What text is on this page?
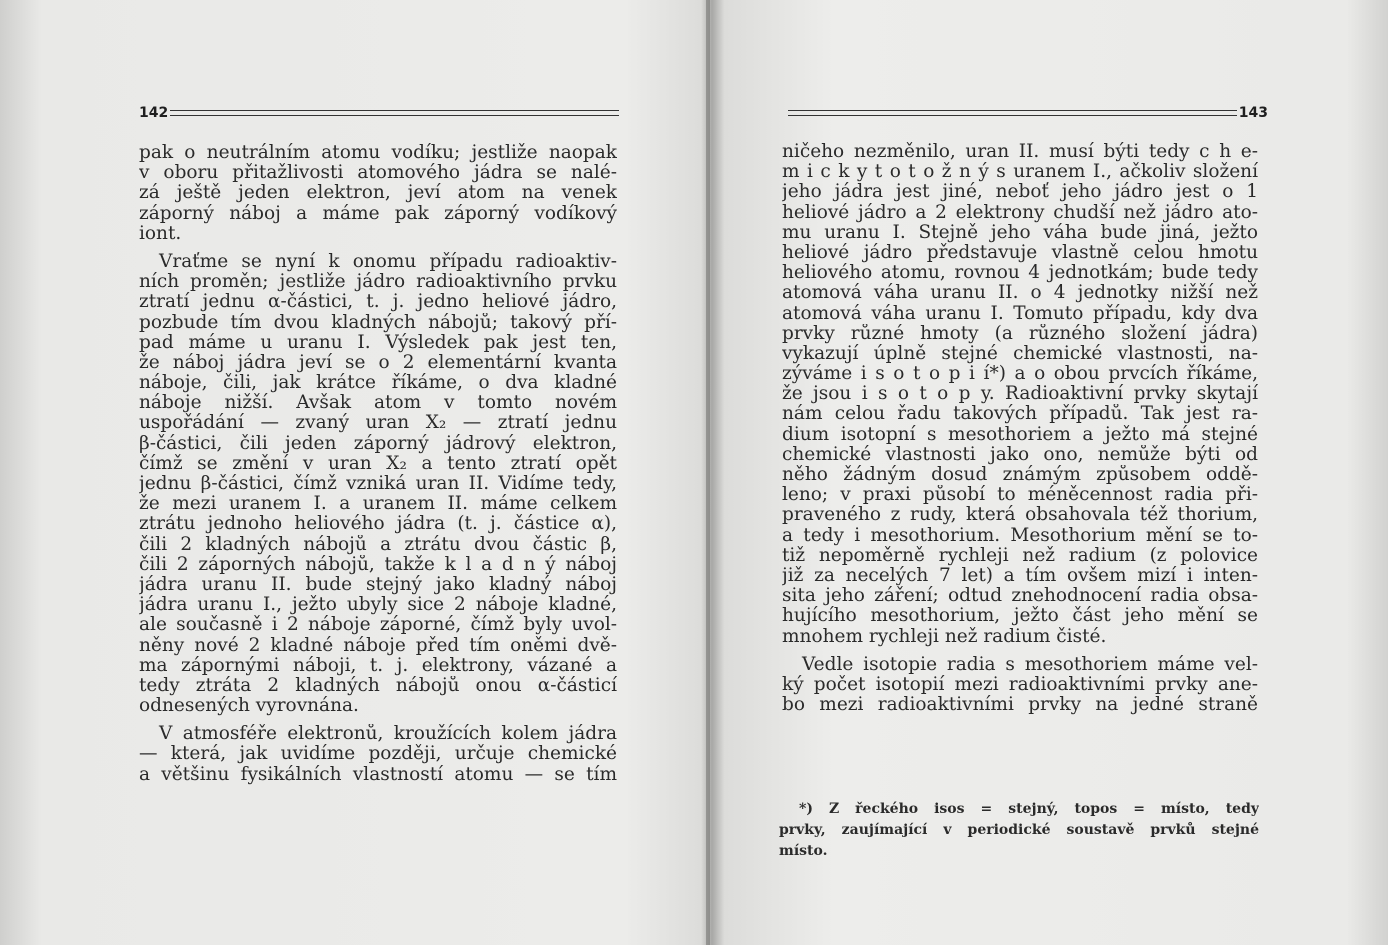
142
pak o neutrálním atomu vodíku; jestliže naopak
v oboru přitažlivosti atomového jádra se nalé-
zá ještě jeden elektron, jeví atom na venek
záporný náboj a máme pak záporný vodíkový
iont.
Vraťme se nyní k onomu případu radioaktiv-
ních proměn; jestliže jádro radioaktivního prvku
ztratí jednu α-částici, t. j. jedno heliové jádro,
pozbude tím dvou kladných nábojů; takový pří-
pad máme u uranu I. Výsledek pak jest ten,
že náboj jádra jeví se o 2 elementární kvanta
náboje, čili, jak krátce říkáme, o dva kladné
náboje nižší. Avšak atom v tomto novém
uspořádání — zvaný uran X₂ — ztratí jednu
β-částici, čili jeden záporný jádrový elektron,
čímž se změní v uran X₂ a tento ztratí opět
jednu β-částici, čímž vzniká uran II. Vidíme tedy,
že mezi uranem I. a uranem II. máme celkem
ztrátu jednoho heliového jádra (t. j. částice α),
čili 2 kladných nábojů a ztrátu dvou částic β,
čili 2 záporných nábojů, takže k l a d n ý náboj
jádra uranu II. bude stejný jako kladný náboj
jádra uranu I., ježto ubyly sice 2 náboje kladné,
ale současně i 2 náboje záporné, čímž byly uvol-
něny nové 2 kladné náboje před tím oněmi dvě-
ma zápornými náboji, t. j. elektrony, vázané a
tedy ztráta 2 kladných nábojů onou α-částicí
odnesených vyrovnána.
V atmosféře elektronů, kroužících kolem jádra
— která, jak uvidíme později, určuje chemické
a většinu fysikálních vlastností atomu — se tím
143
ničeho nezměnilo, uran II. musí býti tedy c h e-
m i c k y t o t o ž n ý s uranem I., ačkoliv složení
jeho jádra jest jiné, neboť jeho jádro jest o 1
heliové jádro a 2 elektrony chudší než jádro ato-
mu uranu I. Stejně jeho váha bude jiná, ježto
heliové jádro představuje vlastně celou hmotu
heliového atomu, rovnou 4 jednotkám; bude tedy
atomová váha uranu II. o 4 jednotky nižší než
atomová váha uranu I. Tomuto případu, kdy dva
prvky různé hmoty (a různého složení jádra)
vykazují úplně stejné chemické vlastnosti, na-
zýváme i s o t o p i í*) a o obou prvcích říkáme,
že jsou i s o t o p y. Radioaktivní prvky skytají
nám celou řadu takových případů. Tak jest ra-
dium isotopní s mesothoriem a ježto má stejné
chemické vlastnosti jako ono, nemůže býti od
něho žádným dosud známým způsobem oddě-
leno; v praxi působí to méněcennost radia při-
praveného z rudy, která obsahovala též thorium,
a tedy i mesothorium. Mesothorium mění se to-
tiž nepoměrně rychleji než radium (z polovice
již za necelých 7 let) a tím ovšem mizí i inten-
sita jeho záření; odtud znehodnocení radia obsa-
hujícího mesothorium, ježto část jeho mění se
mnohem rychleji než radium čisté.
Vedle isotopie radia s mesothoriem máme vel-
ký počet isotopií mezi radioaktivními prvky ane-
bo mezi radioaktivními prvky na jedné straně
*) Z řeckého isos = stejný, topos = místo, tedy
prvky, zaujímající v periodické soustavě prvků stejné
místo.
